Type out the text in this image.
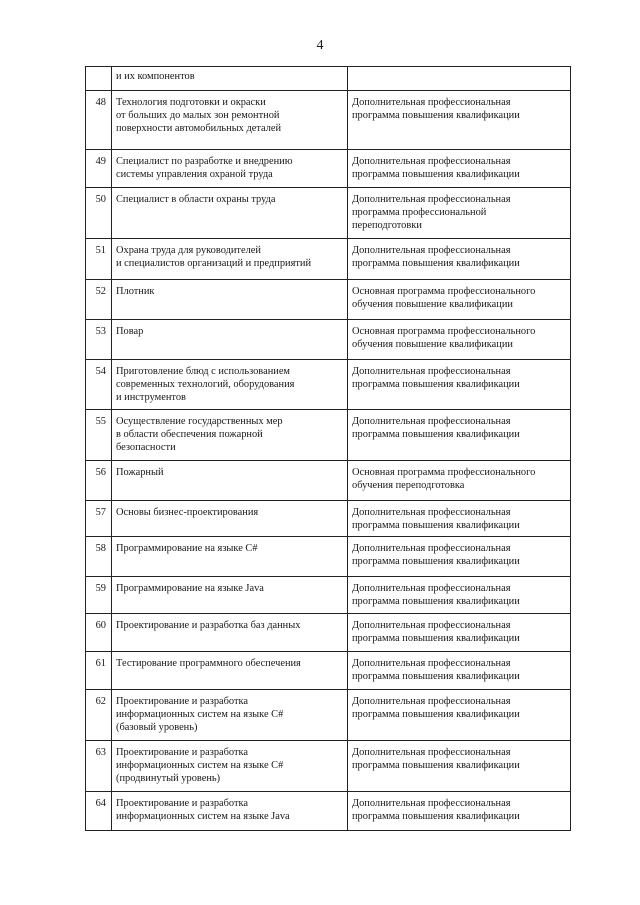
4
	и их компонентов	
48	Технология подготовки и окраски
от больших до малых зон ремонтной
поверхности автомобильных деталей	Дополнительная профессиональная
программа повышения квалификации
49	Специалист по разработке и внедрению
системы управления охраной труда	Дополнительная профессиональная
программа повышения квалификации
50	Специалист в области охраны труда	Дополнительная профессиональная
программа профессиональной
переподготовки
51	Охрана труда для руководителей
и специалистов организаций и предприятий	Дополнительная профессиональная
программа повышения квалификации
52	Плотник	Основная программа профессионального
обучения повышение квалификации
53	Повар	Основная программа профессионального
обучения повышение квалификации
54	Приготовление блюд с использованием
современных технологий, оборудования
и инструментов	Дополнительная профессиональная
программа повышения квалификации
55	Осуществление государственных мер
в области обеспечения пожарной
безопасности	Дополнительная профессиональная
программа повышения квалификации
56	Пожарный	Основная программа профессионального
обучения переподготовка
57	Основы бизнес-проектирования	Дополнительная профессиональная
программа повышения квалификации
58	Программирование на языке C#	Дополнительная профессиональная
программа повышения квалификации
59	Программирование на языке Java	Дополнительная профессиональная
программа повышения квалификации
60	Проектирование и разработка баз данных	Дополнительная профессиональная
программа повышения квалификации
61	Тестирование программного обеспечения	Дополнительная профессиональная
программа повышения квалификации
62	Проектирование и разработка
информационных систем на языке C#
(базовый уровень)	Дополнительная профессиональная
программа повышения квалификации
63	Проектирование и разработка
информационных систем на языке C#
(продвинутый уровень)	Дополнительная профессиональная
программа повышения квалификации
64	Проектирование и разработка
информационных систем на языке Java	Дополнительная профессиональная
программа повышения квалификации
